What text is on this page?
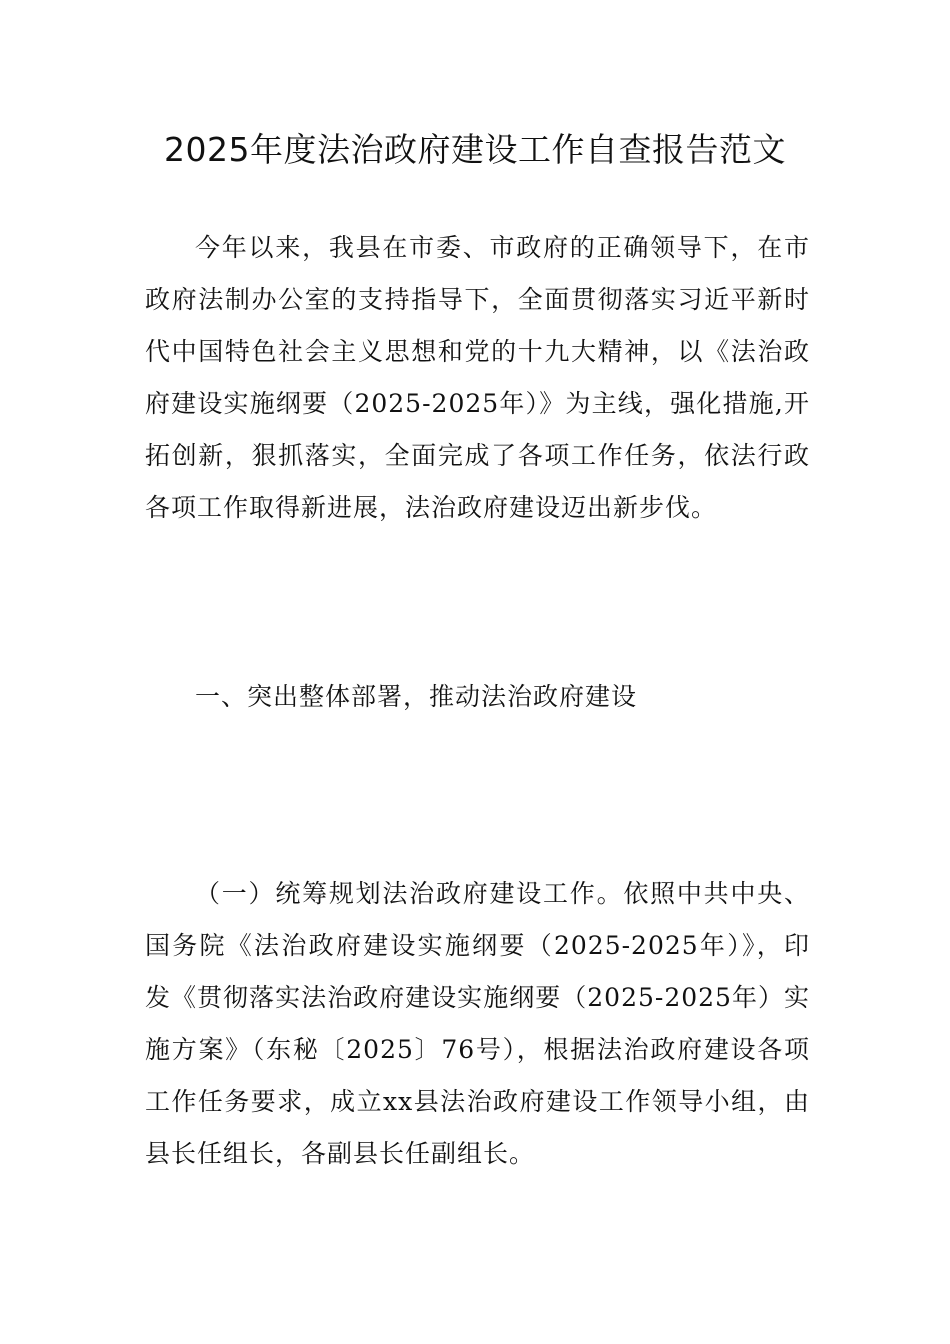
2025年度法治政府建设工作自查报告范文

今年以来，我县在市委、市政府的正确领导下，在市政府法制办公室的支持指导下，全面贯彻落实习近平新时代中国特色社会主义思想和党的十九大精神，以《法治政府建设实施纲要（2025-2025年）》为主线，强化措施,开拓创新，狠抓落实，全面完成了各项工作任务，依法行政各项工作取得新进展，法治政府建设迈出新步伐。

一、突出整体部署，推动法治政府建设

（一）统筹规划法治政府建设工作。依照中共中央、国务院《法治政府建设实施纲要（2025-2025年）》，印发《贯彻落实法治政府建设实施纲要（2025-2025年）实施方案》（东秘〔2025〕76号），根据法治政府建设各项工作任务要求，成立xx县法治政府建设工作领导小组，由县长任组长，各副县长任副组长。
